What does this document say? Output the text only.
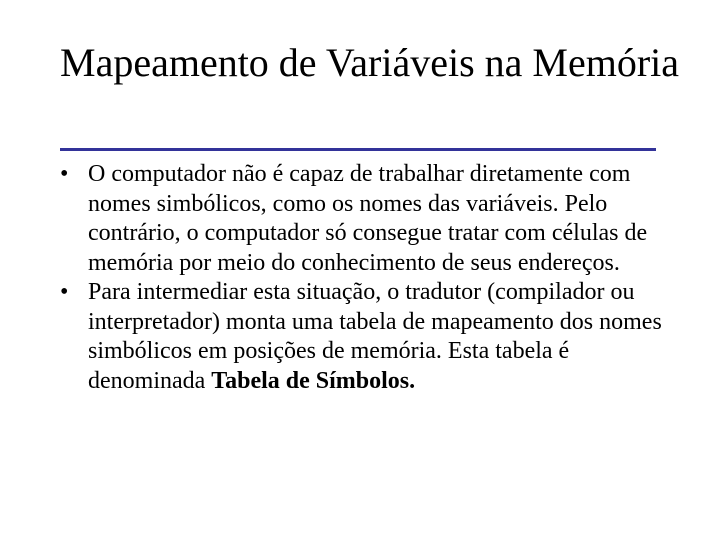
Mapeamento de Variáveis na Memória

• O computador não é capaz de trabalhar diretamente com nomes simbólicos, como os nomes das variáveis. Pelo contrário, o computador só consegue tratar com células de memória por meio do conhecimento de seus endereços.

• Para intermediar esta situação, o tradutor (compilador ou interpretador) monta uma tabela de mapeamento dos nomes simbólicos em posições de memória. Esta tabela é denominada Tabela de Símbolos.
